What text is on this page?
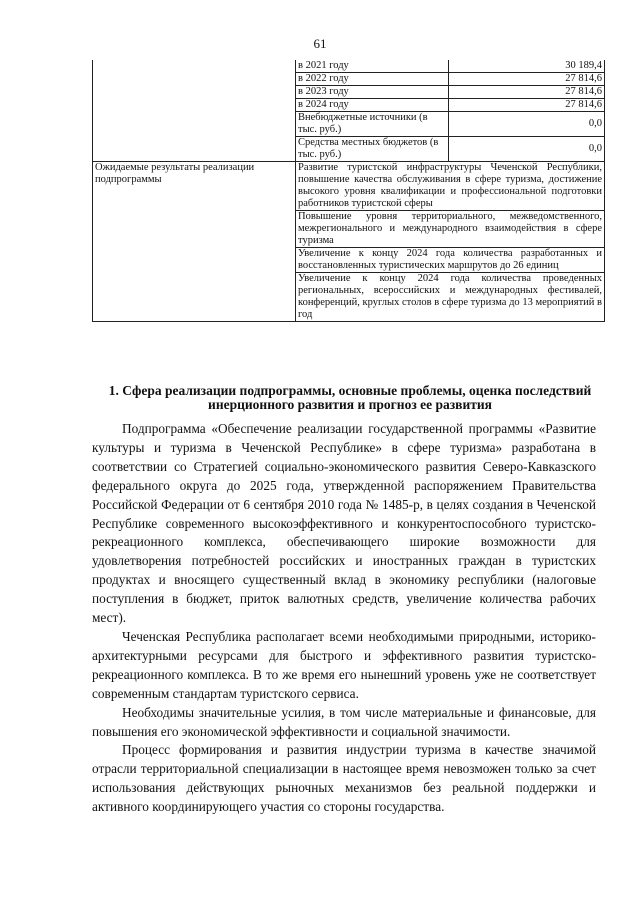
61
	в 2021 году	30 189,4
	в 2022 году	27 814,6
	в 2023 году	27 814,6
	в 2024 году	27 814,6
	Внебюджетные источники (в тыс. руб.)	0,0
	Средства местных бюджетов (в тыс. руб.)	0,0
Ожидаемые результаты реализации подпрограммы	Развитие туристской инфраструктуры Чеченской Республики, повышение качества обслуживания в сфере туризма, достижение высокого уровня квалификации и профессиональной подготовки работников туристской сферы	
	Повышение уровня территориального, межведомственного, межрегионального и международного взаимодействия в сфере туризма	
	Увеличение к концу 2024 года количества разработанных и восстановленных туристических маршрутов до 26 единиц	
	Увеличение к концу 2024 года количества проведенных региональных, всероссийских и международных фестивалей, конференций, круглых столов в сфере туризма до 13 мероприятий в год	
1. Сфера реализации подпрограммы, основные проблемы, оценка последствий инерционного развития и прогноз ее развития

Подпрограмма «Обеспечение реализации государственной программы «Развитие культуры и туризма в Чеченской Республике» в сфере туризма» разработана в соответствии со Стратегией социально-экономического развития Северо-Кавказского федерального округа до 2025 года, утвержденной распоряжением Правительства Российской Федерации от 6 сентября 2010 года № 1485-р, в целях создания в Чеченской Республике современного высокоэффективного и конкурентоспособного туристско-рекреационного комплекса, обеспечивающего широкие возможности для удовлетворения потребностей российских и иностранных граждан в туристских продуктах и вносящего существенный вклад в экономику республики (налоговые поступления в бюджет, приток валютных средств, увеличение количества рабочих мест).

Чеченская Республика располагает всеми необходимыми природными, историко-архитектурными ресурсами для быстрого и эффективного развития туристско-рекреационного комплекса. В то же время его нынешний уровень уже не соответствует современным стандартам туристского сервиса.

Необходимы значительные усилия, в том числе материальные и финансовые, для повышения его экономической эффективности и социальной значимости.

Процесс формирования и развития индустрии туризма в качестве значимой отрасли территориальной специализации в настоящее время невозможен только за счет использования действующих рыночных механизмов без реальной поддержки и активного координирующего участия со стороны государства.
